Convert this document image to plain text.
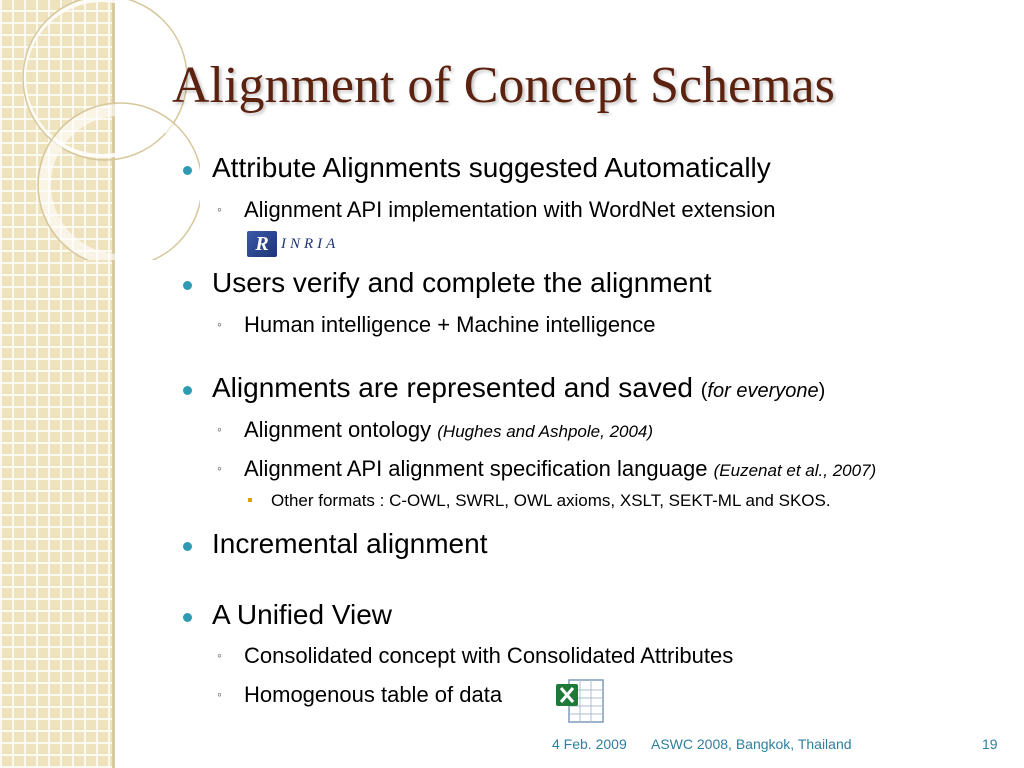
Alignment of Concept Schemas
Attribute Alignments suggested Automatically
◦ Alignment API implementation with WordNet extension
R INRIA
Users verify and complete the alignment
◦ Human intelligence + Machine intelligence
Alignments are represented and saved (for everyone)
◦ Alignment ontology (Hughes and Ashpole, 2004)
◦ Alignment API alignment specification language (Euzenat et al., 2007)
Other formats : C-OWL, SWRL, OWL axioms, XSLT, SEKT-ML and SKOS.
Incremental alignment
A Unified View
◦ Consolidated concept with Consolidated Attributes
◦ Homogenous table of data
4 Feb. 2009 ASWC 2008, Bangkok, Thailand	19
